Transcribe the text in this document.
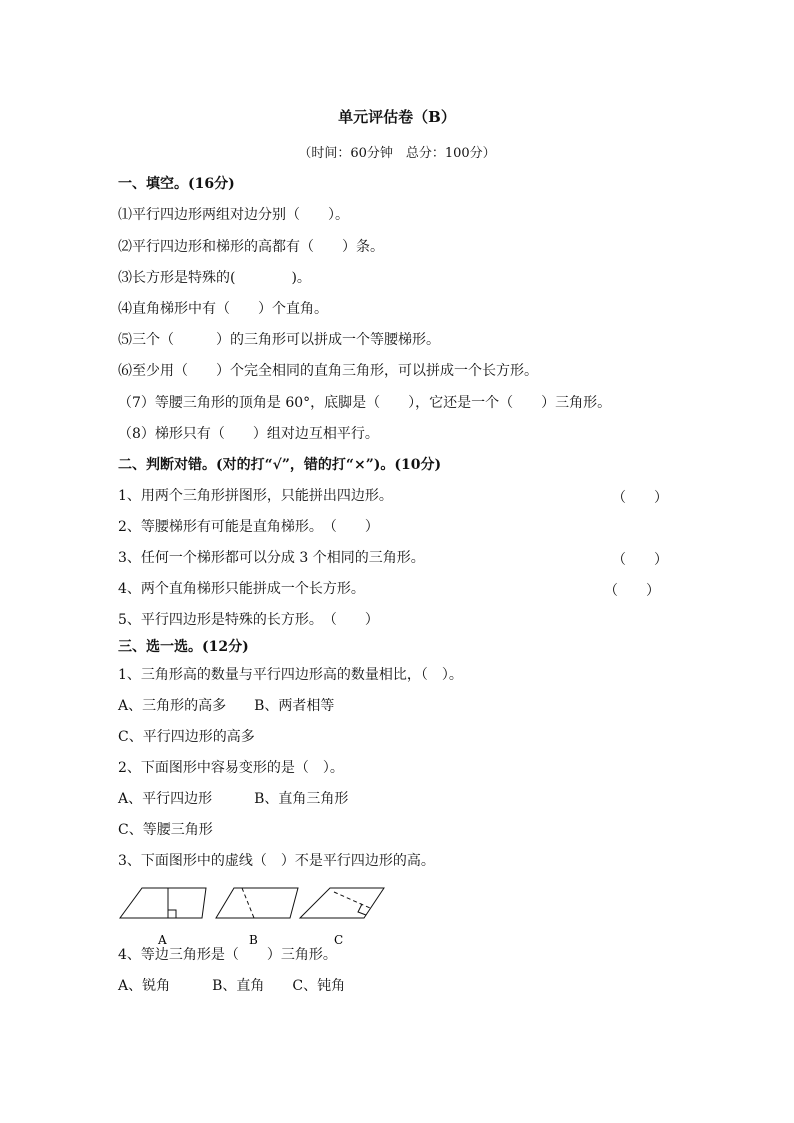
单元评估卷（B）
（时间：60分钟　总分：100分）
一、填空。(16分)
⑴平行四边形两组对边分别（　　）。
⑵平行四边形和梯形的高都有（　　）条。
⑶长方形是特殊的(　　　　)。
⑷直角梯形中有（　　）个直角。
⑸三个（　　　）的三角形可以拼成一个等腰梯形。
⑹至少用（　　）个完全相同的直角三角形，可以拼成一个长方形。
（7）等腰三角形的顶角是 60°，底脚是（　　），它还是一个（　　）三角形。
（8）梯形只有（　　）组对边互相平行。
二、判断对错。(对的打“√”，错的打“×”)。(10分)
1、用两个三角形拼图形，只能拼出四边形。	（　　）
2、等腰梯形有可能是直角梯形。　（　　）
3、任何一个梯形都可以分成 3 个相同的三角形。	（　　）
4、两个直角梯形只能拼成一个长方形。	（　　）
5、平行四边形是特殊的长方形。　（　　）
三、选一选。(12分)
1、三角形高的数量与平行四边形高的数量相比，（　）。
A、三角形的高多　　B、两者相等
C、平行四边形的高多
2、下面图形中容易变形的是（　）。
A、平行四边形　　　B、直角三角形
C、等腰三角形
3、下面图形中的虚线（　）不是平行四边形的高。
A	B	C
4、等边三角形是（　　）三角形。
A、锐角　　　B、直角　　C、钝角
